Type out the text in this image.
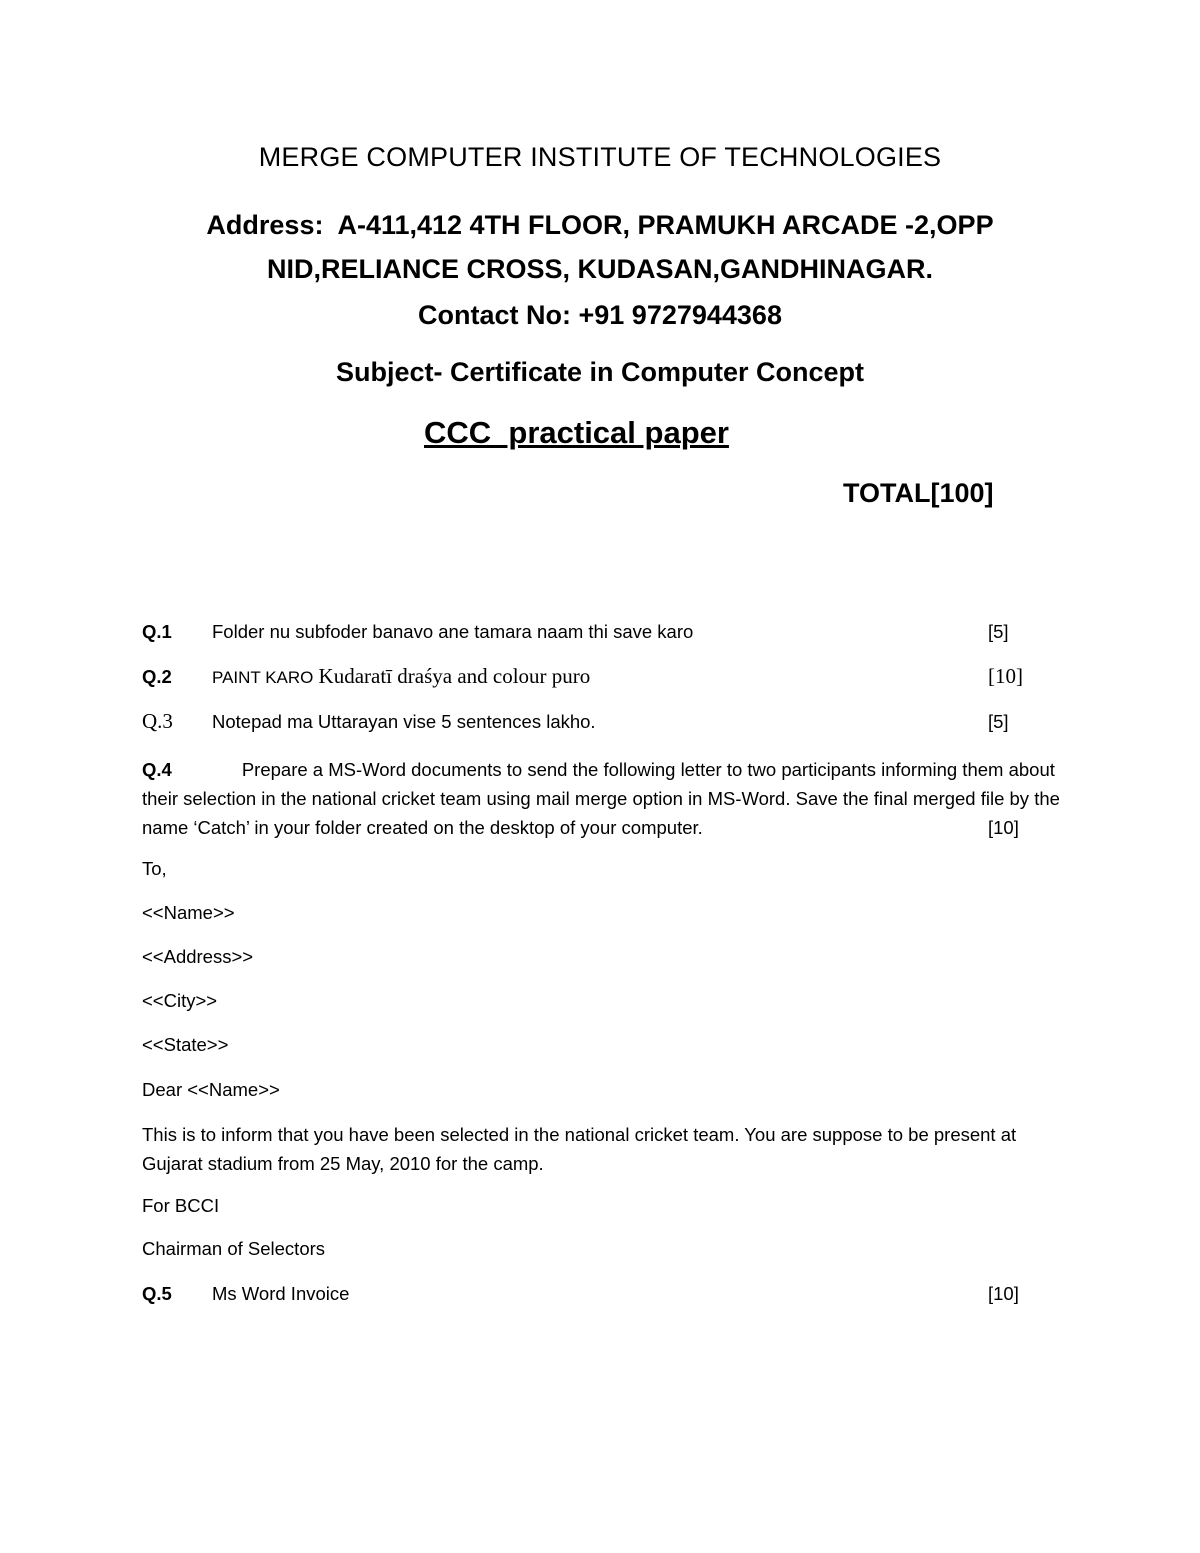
MERGE COMPUTER INSTITUTE OF TECHNOLOGIES
Address:  A-411,412 4TH FLOOR, PRAMUKH ARCADE -2,OPP
NID,RELIANCE CROSS, KUDASAN,GANDHINAGAR.
Contact No: +91 9727944368
Subject- Certificate in Computer Concept
CCC  practical paper
TOTAL[100]
Q.1 Folder nu subfoder banavo ane tamara naam thi save karo	[5]
Q.2 PAINT KARO Kudaratī draśya and colour puro	[10]
Q.3 Notepad ma Uttarayan vise 5 sentences lakho.	[5]
Q.4	Prepare a MS-Word documents to send the following letter to two participants informing them about their selection in the national cricket team using mail merge option in MS-Word. Save the final merged file by the name ‘Catch’ in your folder created on the desktop of your computer.	[10]
To,
<<Name>>
<<Address>>
<<City>>
<<State>>
Dear <<Name>>
This is to inform that you have been selected in the national cricket team. You are suppose to be present at Gujarat stadium from 25 May, 2010 for the camp.
For BCCI
Chairman of Selectors
Q.5 Ms Word Invoice	[10]
